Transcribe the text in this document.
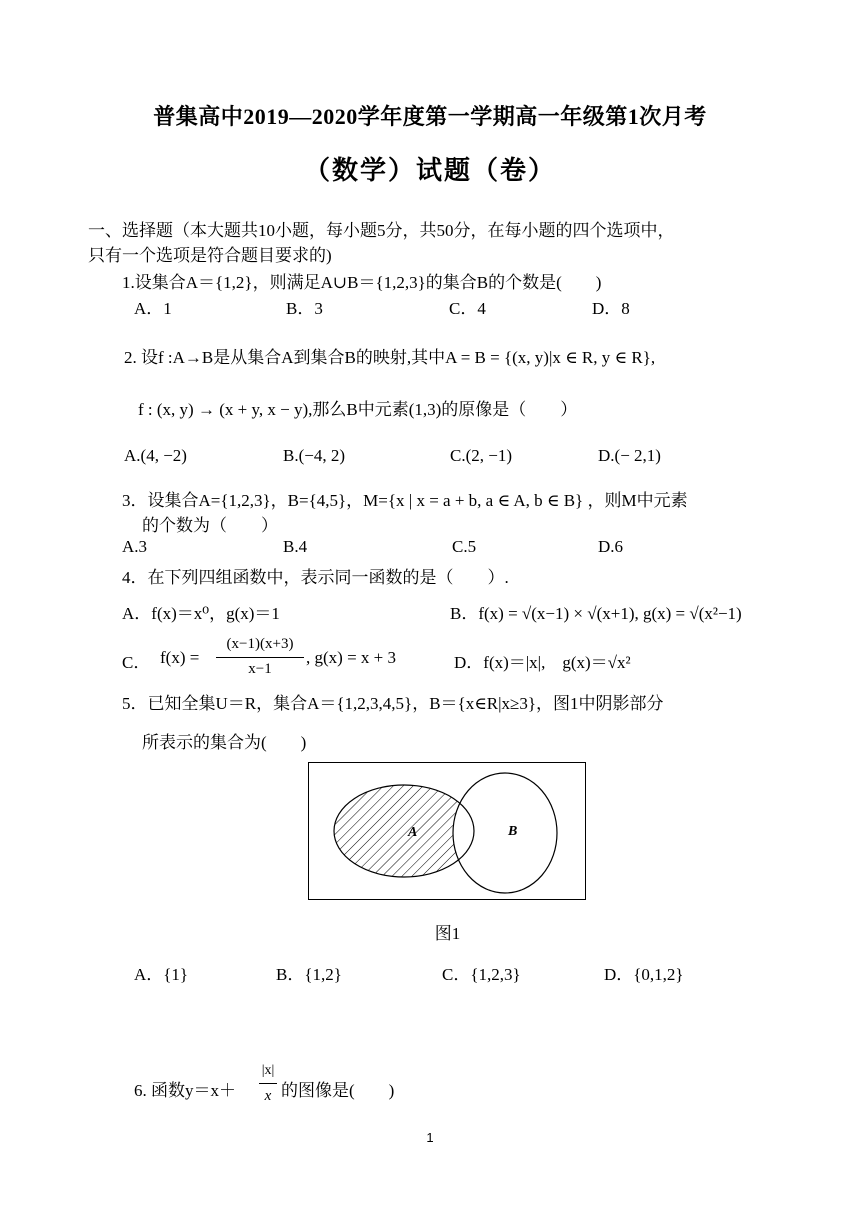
普集高中2019—2020学年度第一学期高一年级第1次月考
（数学）试题（卷）
一、选择题（本大题共10小题，每小题5分，共50分，在每小题的四个选项中，
只有一个选项是符合题目要求的)
1.设集合A＝{1,2}，则满足A∪B＝{1,2,3}的集合B的个数是(　　)
A．1	B．3	C．4	D．8
2. 设f :A→B是从集合A到集合B的映射,其中A = B = {(x, y)|x ∈ R, y ∈ R},
f : (x, y) → (x + y, x − y),那么B中元素(1,3)的原像是（　　）
A.(4, −2)	B.(−4, 2)	C.(2, −1)	D.(− 2,1)
3．设集合A={1,2,3}，B={4,5}，M={x | x = a + b, a ∈ A, b ∈ B} ，则M中元素
的个数为（　　）
A.3	B.4	C.5	D.6
4．在下列四组函数中，表示同一函数的是（　　）.
A．f(x)＝x⁰，g(x)＝1	B．f(x) = √(x−1) × √(x+1), g(x) = √(x²−1)
C． f(x) =
(x−1)(x+3)
x−1
, g(x) = x + 3	D．f(x)＝|x|,　g(x)＝√x²
5．已知全集U＝R，集合A＝{1,2,3,4,5}，B＝{x∈R|x≥3}，图1中阴影部分
所表示的集合为(　　)
A	B
图1
A．{1}	B．{1,2}	C．{1,2,3}	D．{0,1,2}
6. 函数y＝x＋
|x|
x 的图像是(　　)
1
